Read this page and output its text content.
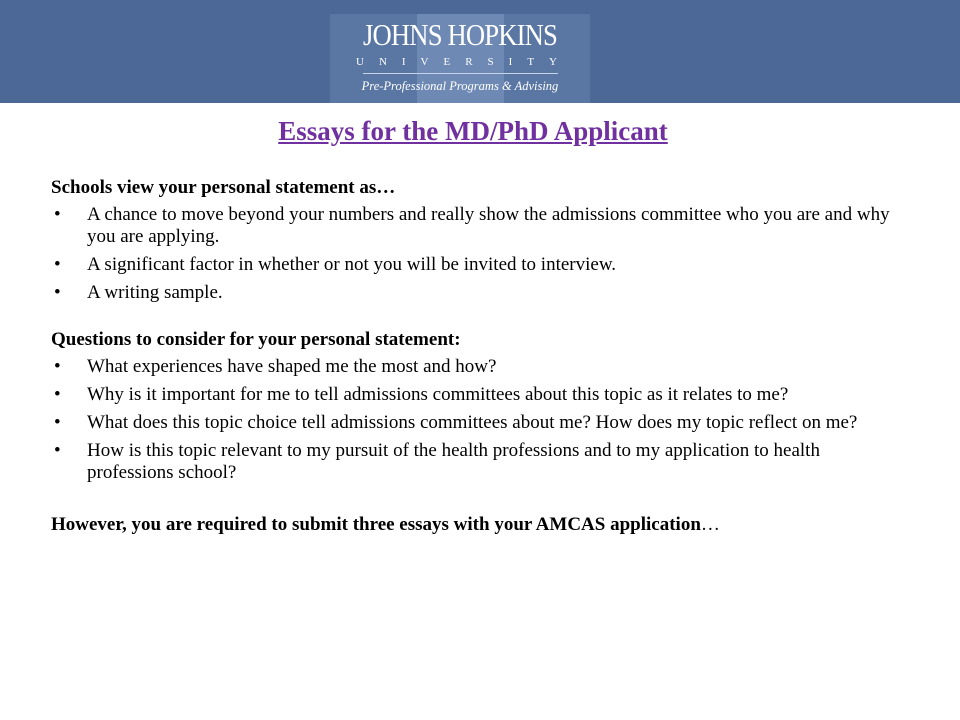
JOHNS HOPKINS
UNIVERSITY
Pre-Professional Programs & Advising
Essays for the MD/PhD Applicant

Schools view your personal statement as…

• A chance to move beyond your numbers and really show the admissions committee who you are and why you are applying.
• A significant factor in whether or not you will be invited to interview.
• A writing sample.

Questions to consider for your personal statement:

• What experiences have shaped me the most and how?
• Why is it important for me to tell admissions committees about this topic as it relates to me?
• What does this topic choice tell admissions committees about me? How does my topic reflect on me?
• How is this topic relevant to my pursuit of the health professions and to my application to health professions school?

However, you are required to submit three essays with your AMCAS application…
